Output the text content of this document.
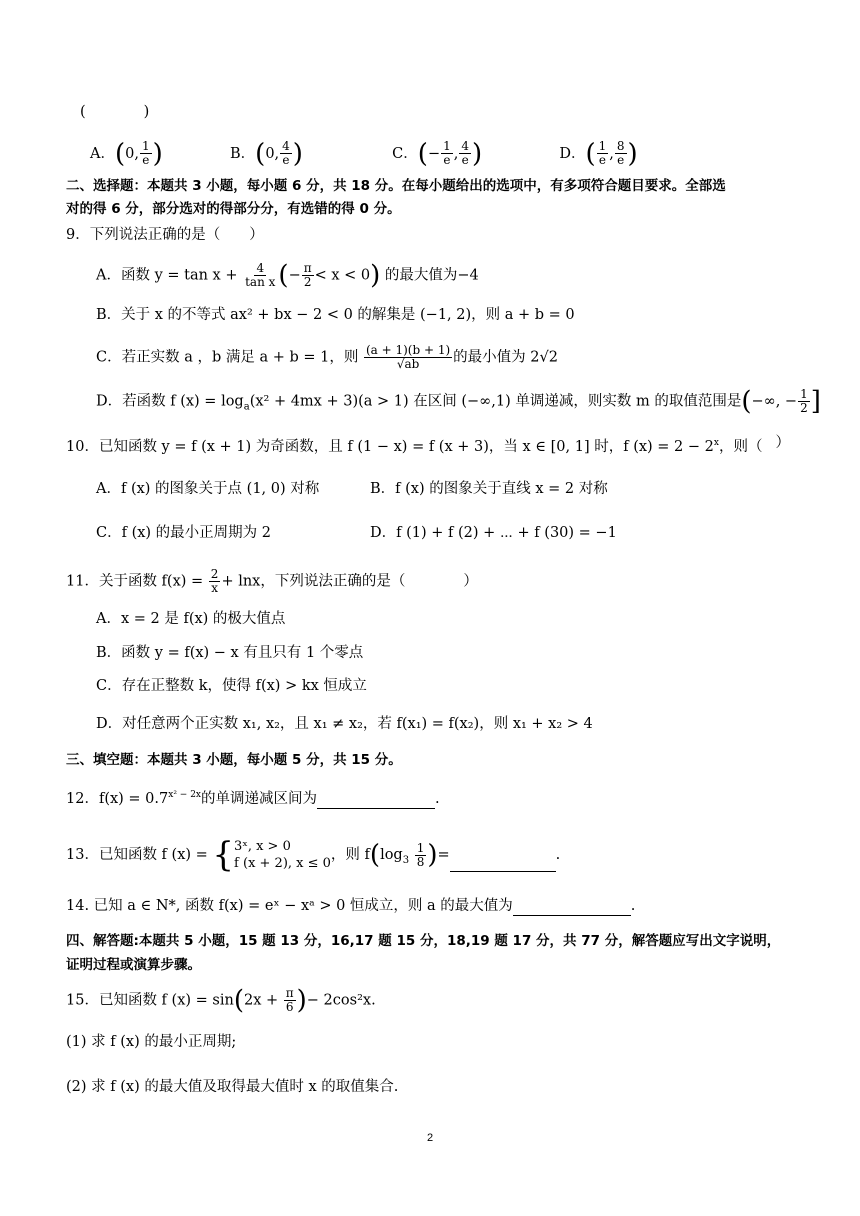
(　　　　)
A．(0, $\frac{1}{e}$ )	B．(0, $\frac{4}{e}$ )	C．(− $\frac{1}{e}$ , $\frac{4}{e}$ )	D．( $\frac{1}{e}$ , $\frac{8}{e}$ )
二、选择题：本题共 3 小题，每小题 6 分，共 18 分。在每小题给出的选项中，有多项符合题目要求。全部选
对的得 6 分，部分选对的得部分分，有选错的得 0 分。
9．下列说法正确的是（　　）
A．函数 $y = \tan x + \frac{4}{\text{tan x}}$ (− $\frac{\pi}{2} < x < 0$) 的最大值为−4
B．关于 x 的不等式 ax² + bx − 2 < 0 的解集是 (−1, 2)，则 a + b = 0
C．若正实数 a ，b 满足 a + b = 1，则 $\frac{(a + 1)(b + 1)}{√ab}$ 的最小值为 2√2
D．若函数 f $(x) = \log_a(x^2 + 4mx + 3)(a > 1)$ 在区间 (−∞,1) 单调递减，则实数 m 的取值范围是(−∞, − $\frac{1}{2}$ ]
10．已知函数 y = f (x + 1) 为奇函数，且 f (1 − x) = f (x + 3)，当 x ∈ [0, 1] 时，f $(x) = 2 - 2^x$，则（ ）
A．f (x) 的图象关于点 (1, 0) 对称	B．f (x) 的图象关于直线 x = 2 对称
C．f (x) 的最小正周期为 2	D．f (1) + f (2) + ⋯ + f (30) = −1
11．关于函数 $f(x) = \frac{2}{x} + \ln x$，下列说法正确的是（　　　　）
A．x = 2 是 f(x) 的极大值点
B．函数 y = f(x) − x 有且只有 1 个零点
C．存在正整数 k，使得 f(x) > kx 恒成立
D．对任意两个正实数 x₁, x₂，且 x₁ ≠ x₂，若 f(x₁) = f(x₂)，则 x₁ + x₂ > 4
三、填空题：本题共 3 小题，每小题 5 分，共 15 分。
12．$f(x) = 0.7^{x^2 - 2x}$的单调递减区间为	.
13．已知函数 f (x) = { 3ˣ, x > 0
f (x + 2), x ≤ 0
，则 $f(\log_3 \frac{1}{8}$ )=	.
14. 已知 a ∈ N*, 函数 f(x) = eˣ − xᵃ > 0 恒成立，则 a 的最大值为	.
四、解答题:本题共 5 小题，15 题 13 分，16,17 题 15 分，18,19 题 17 分，共 77 分，解答题应写出文字说明，
证明过程或演算步骤。
15．已知函数 f $(x) = \sin(2x + \frac{\pi}{6}$ )− 2cos²x.
(1) 求 f (x) 的最小正周期;
(2) 求 f (x) 的最大值及取得最大值时 x 的取值集合.
2
